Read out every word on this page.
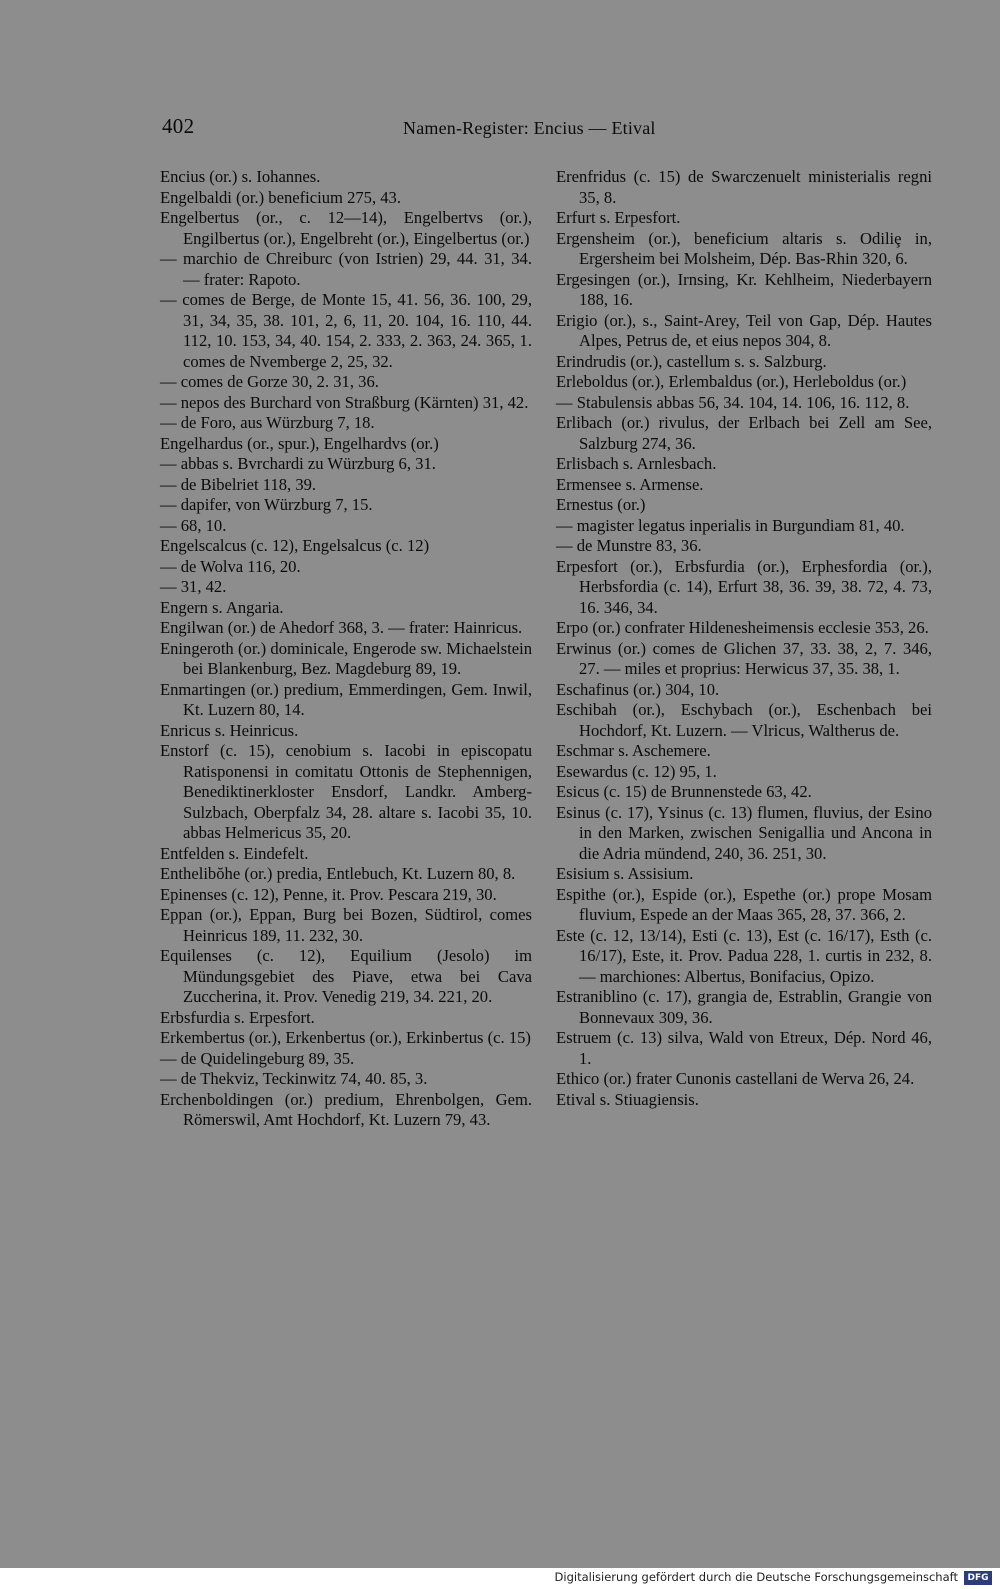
402	Namen-Register: Encius — Etival
Encius (or.) s. Iohannes.
Engelbaldi (or.) beneficium 275, 43.
Engelbertus (or., c. 12—14), Engelbertvs (or.), Engilbertus (or.), Engelbreht (or.), Eingelbertus (or.)
— marchio de Chreiburc (von Istrien) 29, 44. 31, 34. — frater: Rapoto.
— comes de Berge, de Monte 15, 41. 56, 36. 100, 29, 31, 34, 35, 38. 101, 2, 6, 11, 20. 104, 16. 110, 44. 112, 10. 153, 34, 40. 154, 2. 333, 2. 363, 24. 365, 1. comes de Nvemberge 2, 25, 32.
— comes de Gorze 30, 2. 31, 36.
— nepos des Burchard von Straßburg (Kärnten) 31, 42.
— de Foro, aus Würzburg 7, 18.
Engelhardus (or., spur.), Engelhardvs (or.)
— abbas s. Bvrchardi zu Würzburg 6, 31.
— de Bibelriet 118, 39.
— dapifer, von Würzburg 7, 15.
— 68, 10.
Engelscalcus (c. 12), Engelsalcus (c. 12)
— de Wolva 116, 20.
— 31, 42.
Engern s. Angaria.
Engilwan (or.) de Ahedorf 368, 3. — frater: Hainricus.
Eningeroth (or.) dominicale, Engerode sw. Michaelstein bei Blankenburg, Bez. Magdeburg 89, 19.
Enmartingen (or.) predium, Emmerdingen, Gem. Inwil, Kt. Luzern 80, 14.
Enricus s. Heinricus.
Enstorf (c. 15), cenobium s. Iacobi in episcopatu Ratisponensi in comitatu Ottonis de Stephennigen, Benediktinerkloster Ensdorf, Landkr. Amberg-Sulzbach, Oberpfalz 34, 28. altare s. Iacobi 35, 10. abbas Helmericus 35, 20.
Entfelden s. Eindefelt.
Enthelibŏhe (or.) predia, Entlebuch, Kt. Luzern 80, 8.
Epinenses (c. 12), Penne, it. Prov. Pescara 219, 30.
Eppan (or.), Eppan, Burg bei Bozen, Südtirol, comes Heinricus 189, 11. 232, 30.
Equilenses (c. 12), Equilium (Jesolo) im Mündungsgebiet des Piave, etwa bei Cava Zuccherina, it. Prov. Venedig 219, 34. 221, 20.
Erbsfurdia s. Erpesfort.
Erkembertus (or.), Erkenbertus (or.), Erkinbertus (c. 15)
— de Quidelingeburg 89, 35.
— de Thekviz, Teckinwitz 74, 40. 85, 3.
Erchenboldingen (or.) predium, Ehrenbolgen, Gem. Römerswil, Amt Hochdorf, Kt. Luzern 79, 43.
Erenfridus (c. 15) de Swarczenuelt ministerialis regni 35, 8.
Erfurt s. Erpesfort.
Ergensheim (or.), beneficium altaris s. Odiliȩ in, Ergersheim bei Molsheim, Dép. Bas-Rhin 320, 6.
Ergesingen (or.), Irnsing, Kr. Kehlheim, Niederbayern 188, 16.
Erigio (or.), s., Saint-Arey, Teil von Gap, Dép. Hautes Alpes, Petrus de, et eius nepos 304, 8.
Erindrudis (or.), castellum s. s. Salzburg.
Erleboldus (or.), Erlembaldus (or.), Herleboldus (or.)
— Stabulensis abbas 56, 34. 104, 14. 106, 16. 112, 8.
Erlibach (or.) rivulus, der Erlbach bei Zell am See, Salzburg 274, 36.
Erlisbach s. Arnlesbach.
Ermensee s. Armense.
Ernestus (or.)
— magister legatus inperialis in Burgundiam 81, 40.
— de Munstre 83, 36.
Erpesfort (or.), Erbsfurdia (or.), Erphesfordia (or.), Herbsfordia (c. 14), Erfurt 38, 36. 39, 38. 72, 4. 73, 16. 346, 34.
Erpo (or.) confrater Hildenesheimensis ecclesie 353, 26.
Erwinus (or.) comes de Glichen 37, 33. 38, 2, 7. 346, 27. — miles et proprius: Herwicus 37, 35. 38, 1.
Eschafinus (or.) 304, 10.
Eschibah (or.), Eschybach (or.), Eschenbach bei Hochdorf, Kt. Luzern. — Vlricus, Waltherus de.
Eschmar s. Aschemere.
Esewardus (c. 12) 95, 1.
Esicus (c. 15) de Brunnenstede 63, 42.
Esinus (c. 17), Ysinus (c. 13) flumen, fluvius, der Esino in den Marken, zwischen Senigallia und Ancona in die Adria mündend, 240, 36. 251, 30.
Esisium s. Assisium.
Espithe (or.), Espide (or.), Espethe (or.) prope Mosam fluvium, Espede an der Maas 365, 28, 37. 366, 2.
Este (c. 12, 13/14), Esti (c. 13), Est (c. 16/17), Esth (c. 16/17), Este, it. Prov. Padua 228, 1. curtis in 232, 8. — marchiones: Albertus, Bonifacius, Opizo.
Estraniblino (c. 17), grangia de, Estrablin, Grangie von Bonnevaux 309, 36.
Estruem (c. 13) silva, Wald von Etreux, Dép. Nord 46, 1.
Ethico (or.) frater Cunonis castellani de Werva 26, 24.
Etival s. Stiuagiensis.
Digitalisierung gefördert durch die Deutsche Forschungsgemeinschaft	DFG
